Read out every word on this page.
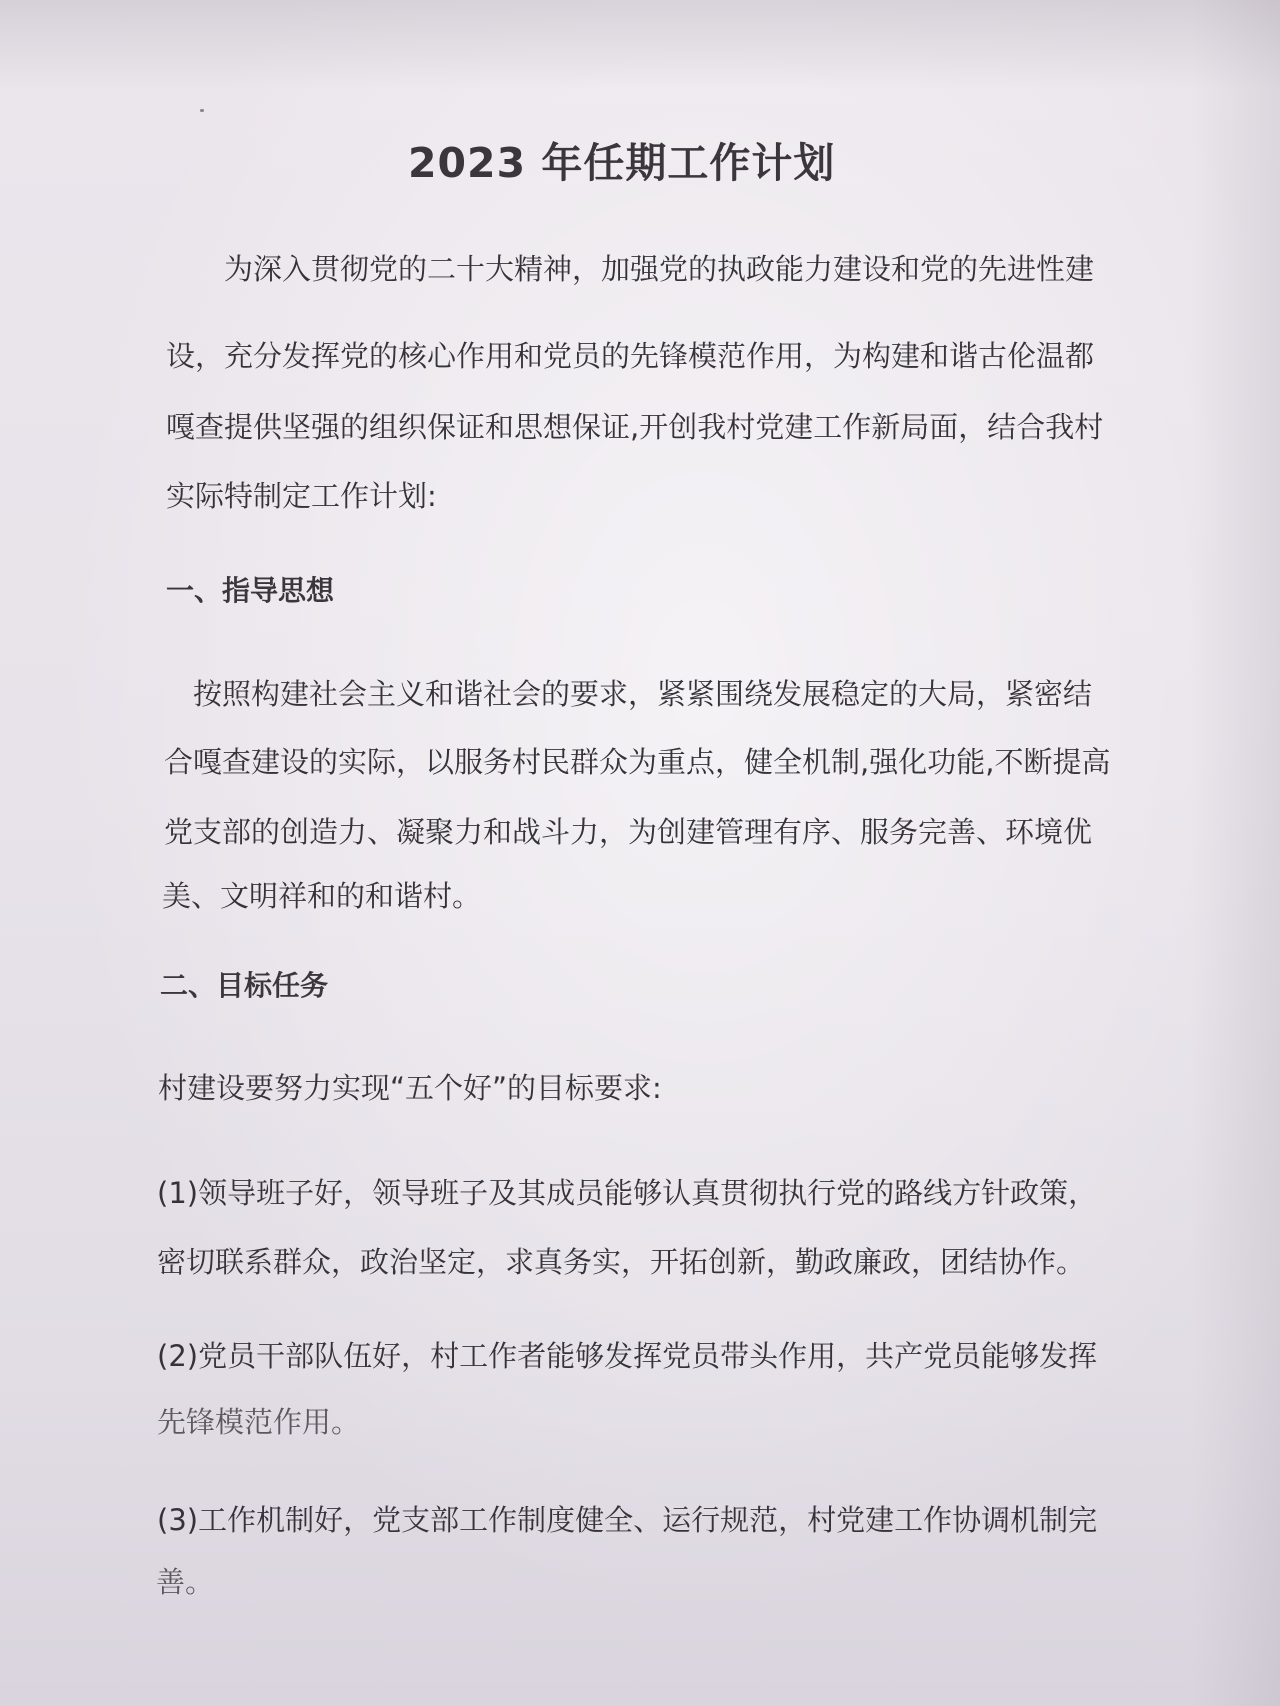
2023 年任期工作计划
为深入贯彻党的二十大精神，加强党的执政能力建设和党的先进性建
设，充分发挥党的核心作用和党员的先锋模范作用，为构建和谐古伦温都
嘎查提供坚强的组织保证和思想保证,开创我村党建工作新局面，结合我村
实际特制定工作计划:
一、指导思想
按照构建社会主义和谐社会的要求，紧紧围绕发展稳定的大局，紧密结
合嘎查建设的实际，以服务村民群众为重点，健全机制,强化功能,不断提高
党支部的创造力、凝聚力和战斗力，为创建管理有序、服务完善、环境优
美、文明祥和的和谐村。
二、目标任务
村建设要努力实现“五个好”的目标要求:
(1)领导班子好，领导班子及其成员能够认真贯彻执行党的路线方针政策，
密切联系群众，政治坚定，求真务实，开拓创新，勤政廉政，团结协作。
(2)党员干部队伍好，村工作者能够发挥党员带头作用，共产党员能够发挥
先锋模范作用。
(3)工作机制好，党支部工作制度健全、运行规范，村党建工作协调机制完
善。
